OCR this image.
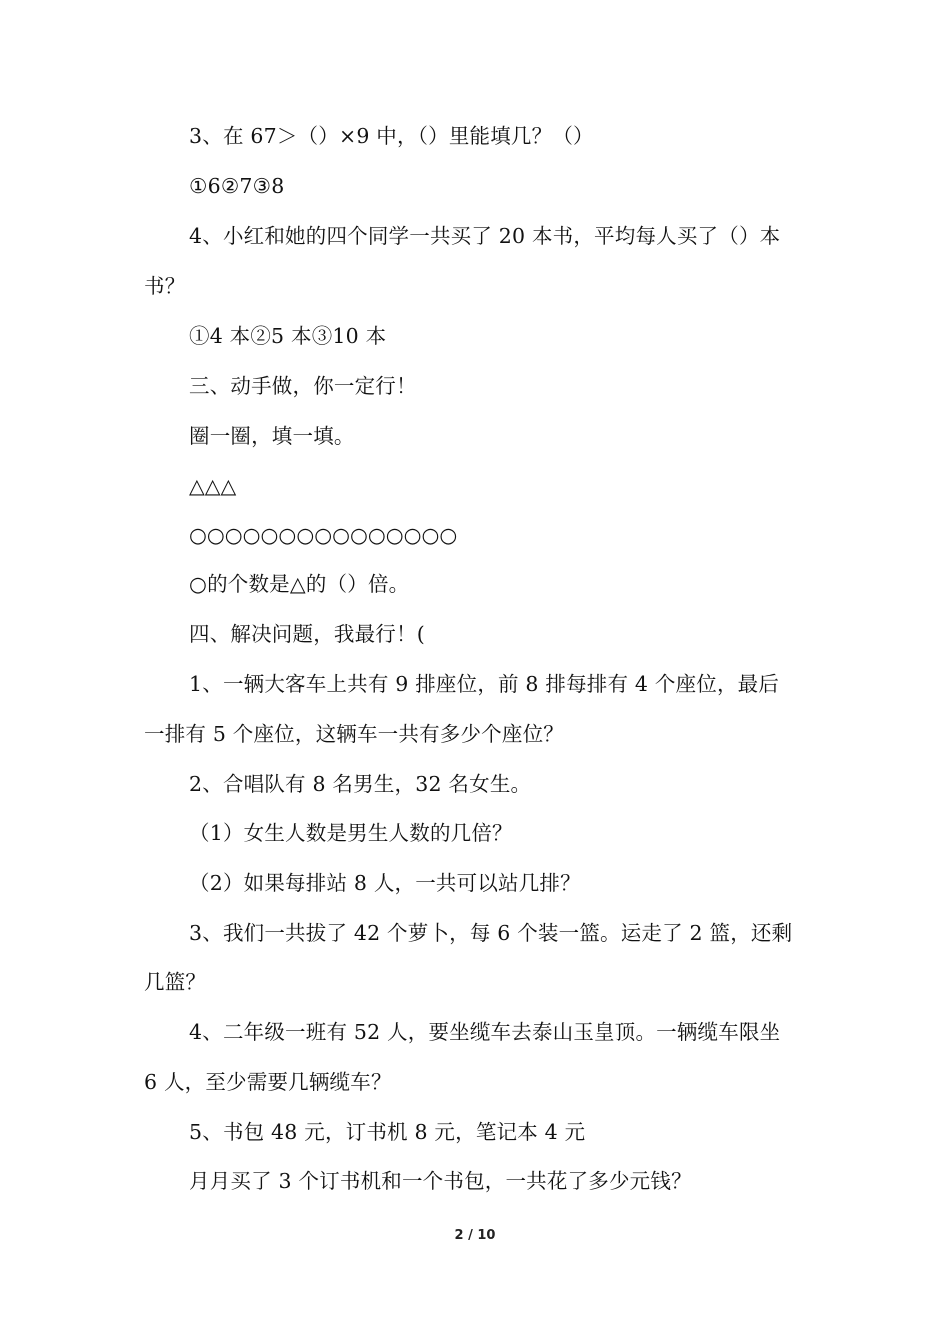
3、在 67＞（）×9 中，（）里能填几？（）
①6②7③8
4、小红和她的四个同学一共买了 20 本书，平均每人买了（）本
书？
①4 本②5 本③10 本
三、动手做，你一定行！
圈一圈，填一填。
△△△
○○○○○○○○○○○○○○○
○的个数是△的（）倍。
四、解决问题，我最行！(
1、一辆大客车上共有 9 排座位，前 8 排每排有 4 个座位，最后
一排有 5 个座位，这辆车一共有多少个座位？
2、合唱队有 8 名男生，32 名女生。
（1）女生人数是男生人数的几倍？
（2）如果每排站 8 人，一共可以站几排？
3、我们一共拔了 42 个萝卜，每 6 个装一篮。运走了 2 篮，还剩
几篮？
4、二年级一班有 52 人，要坐缆车去泰山玉皇顶。一辆缆车限坐
6 人，至少需要几辆缆车？
5、书包 48 元，订书机 8 元，笔记本 4 元
月月买了 3 个订书机和一个书包，一共花了多少元钱？
2 / 10
